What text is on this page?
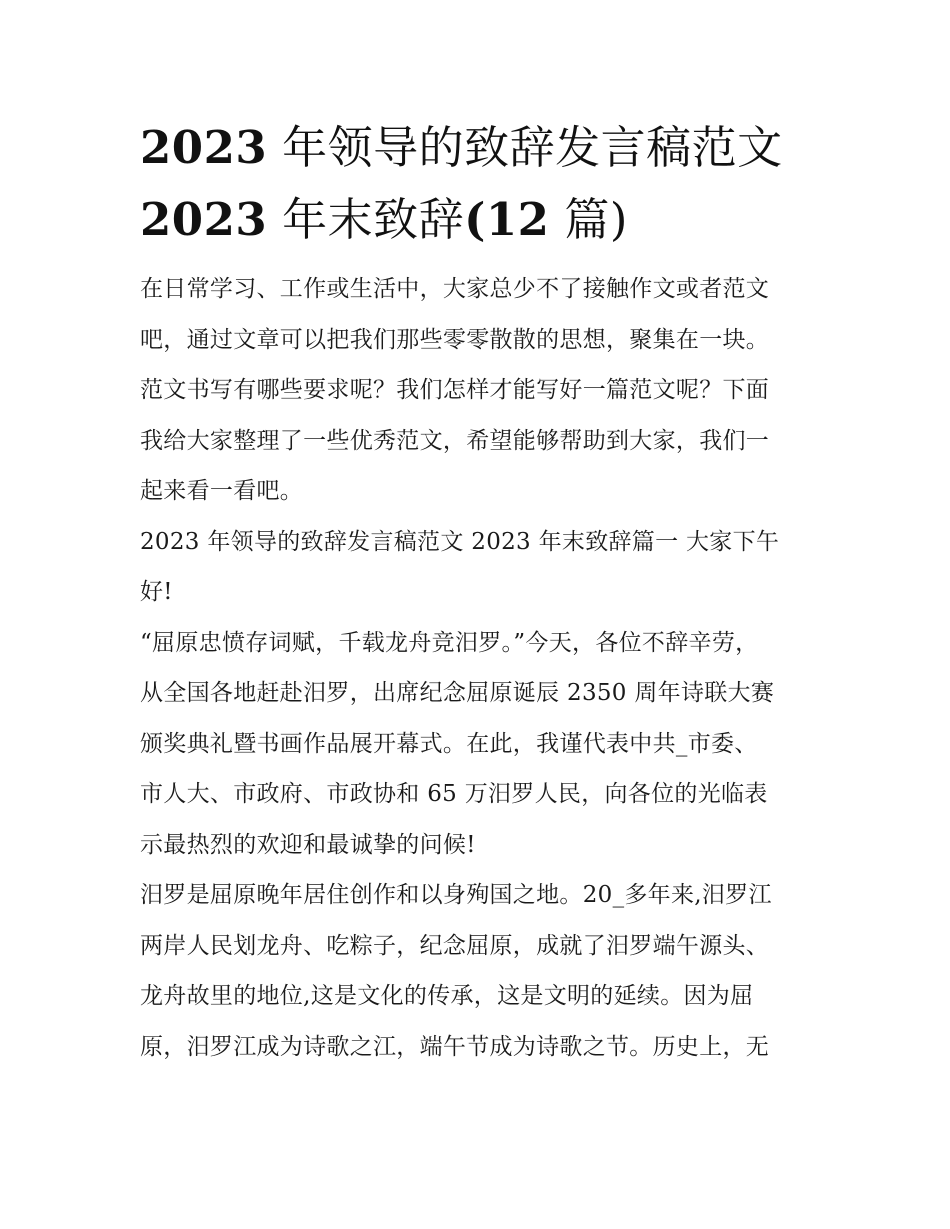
2023 年领导的致辞发言稿范文
2023 年末致辞(12 篇)

在日常学习、工作或生活中，大家总少不了接触作文或者范文
吧，通过文章可以把我们那些零零散散的思想，聚集在一块。
范文书写有哪些要求呢？我们怎样才能写好一篇范文呢？下面
我给大家整理了一些优秀范文，希望能够帮助到大家，我们一
起来看一看吧。

2023 年领导的致辞发言稿范文 2023 年末致辞篇一 大家下午
好!

“屈原忠愤存词赋，千载龙舟竞汨罗。”今天，各位不辞辛劳，
从全国各地赶赴汨罗，出席纪念屈原诞辰 2350 周年诗联大赛
颁奖典礼暨书画作品展开幕式。在此，我谨代表中共_市委、
市人大、市政府、市政协和 65 万汨罗人民，向各位的光临表
示最热烈的欢迎和最诚挚的问候!

汨罗是屈原晚年居住创作和以身殉国之地。20_多年来,汨罗江
两岸人民划龙舟、吃粽子，纪念屈原，成就了汨罗端午源头、
龙舟故里的地位,这是文化的传承，这是文明的延续。因为屈
原，汨罗江成为诗歌之江，端午节成为诗歌之节。历史上，无
